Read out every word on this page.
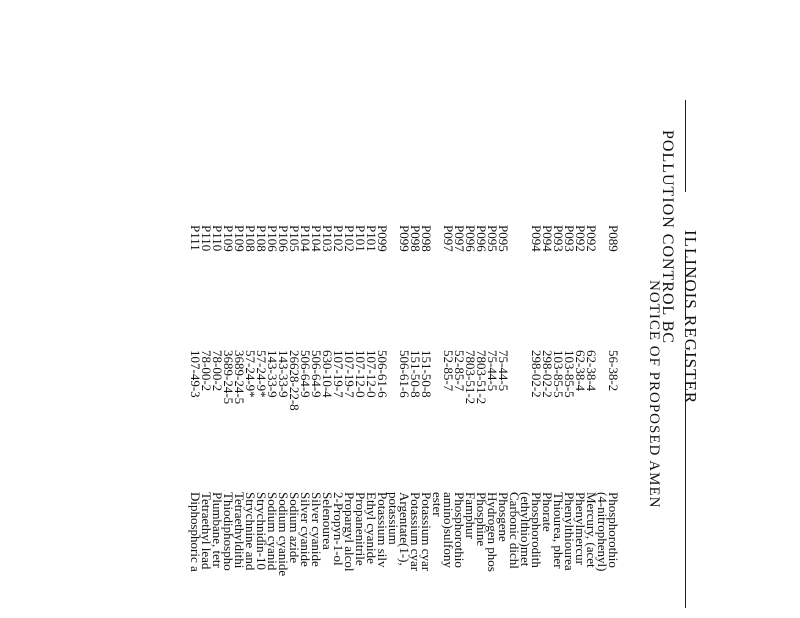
ILLINOIS REGISTER
POLLUTION CONTROL BC
NOTICE OF PROPOSED AMEN
P089
P092
P092
P093
P093
P094
P094
P095
P095
P096
P096
P097
P097
P098
P098
P099
P099
P101
P101
P102
P102
P103
P104
P104
P105
P106
P106
P108
P108
P109
P109
P110
P110
P111
56-38-2
62-38-4
62-38-4
103-85-5
103-85-5
298-02-2
298-02-2
75-44-5
75-44-5
7803-51-2
7803-51-2
52-85-7
52-85-7
151-50-8
151-50-8
506-61-6
506-61-6
107-12-0
107-12-0
107-19-7
107-19-7
630-10-4
506-64-9
506-64-9
26628-22-8
143-33-9
143-33-9
57-24-9*
57-24-9*
3689-24-5
3689-24-5
78-00-2
78-00-2
107-49-3
Phosphorothio
(4-nitrophenyl)
Mercury, (acet
Phenylmercur
Phenylthiourea
Thiourea, pher
Phorate
Phosphorodith
(ethylthio)met
Carbonic dichl
Phosgene
Hydrogen phos
Phosphine
Famphur
Phosphorothio
amino)sulfony
ester
Potassium cyar
Potassium cyar
Argentate(1-),
potassium
Potassium silv
Ethyl cyanide
Propanenitrile
Propargyl alcol
2-Propyn-1-ol
Selenourea
Silver cyanide
Silver cyanide
Sodium azide
Sodium cyanide
Sodium cyanid
Strychnidin-10
Strychnine and
Tetraethyldithi
Thiodiphospho
Plumbane, tetr
Tetraethyl lead
Diphosphoric a
